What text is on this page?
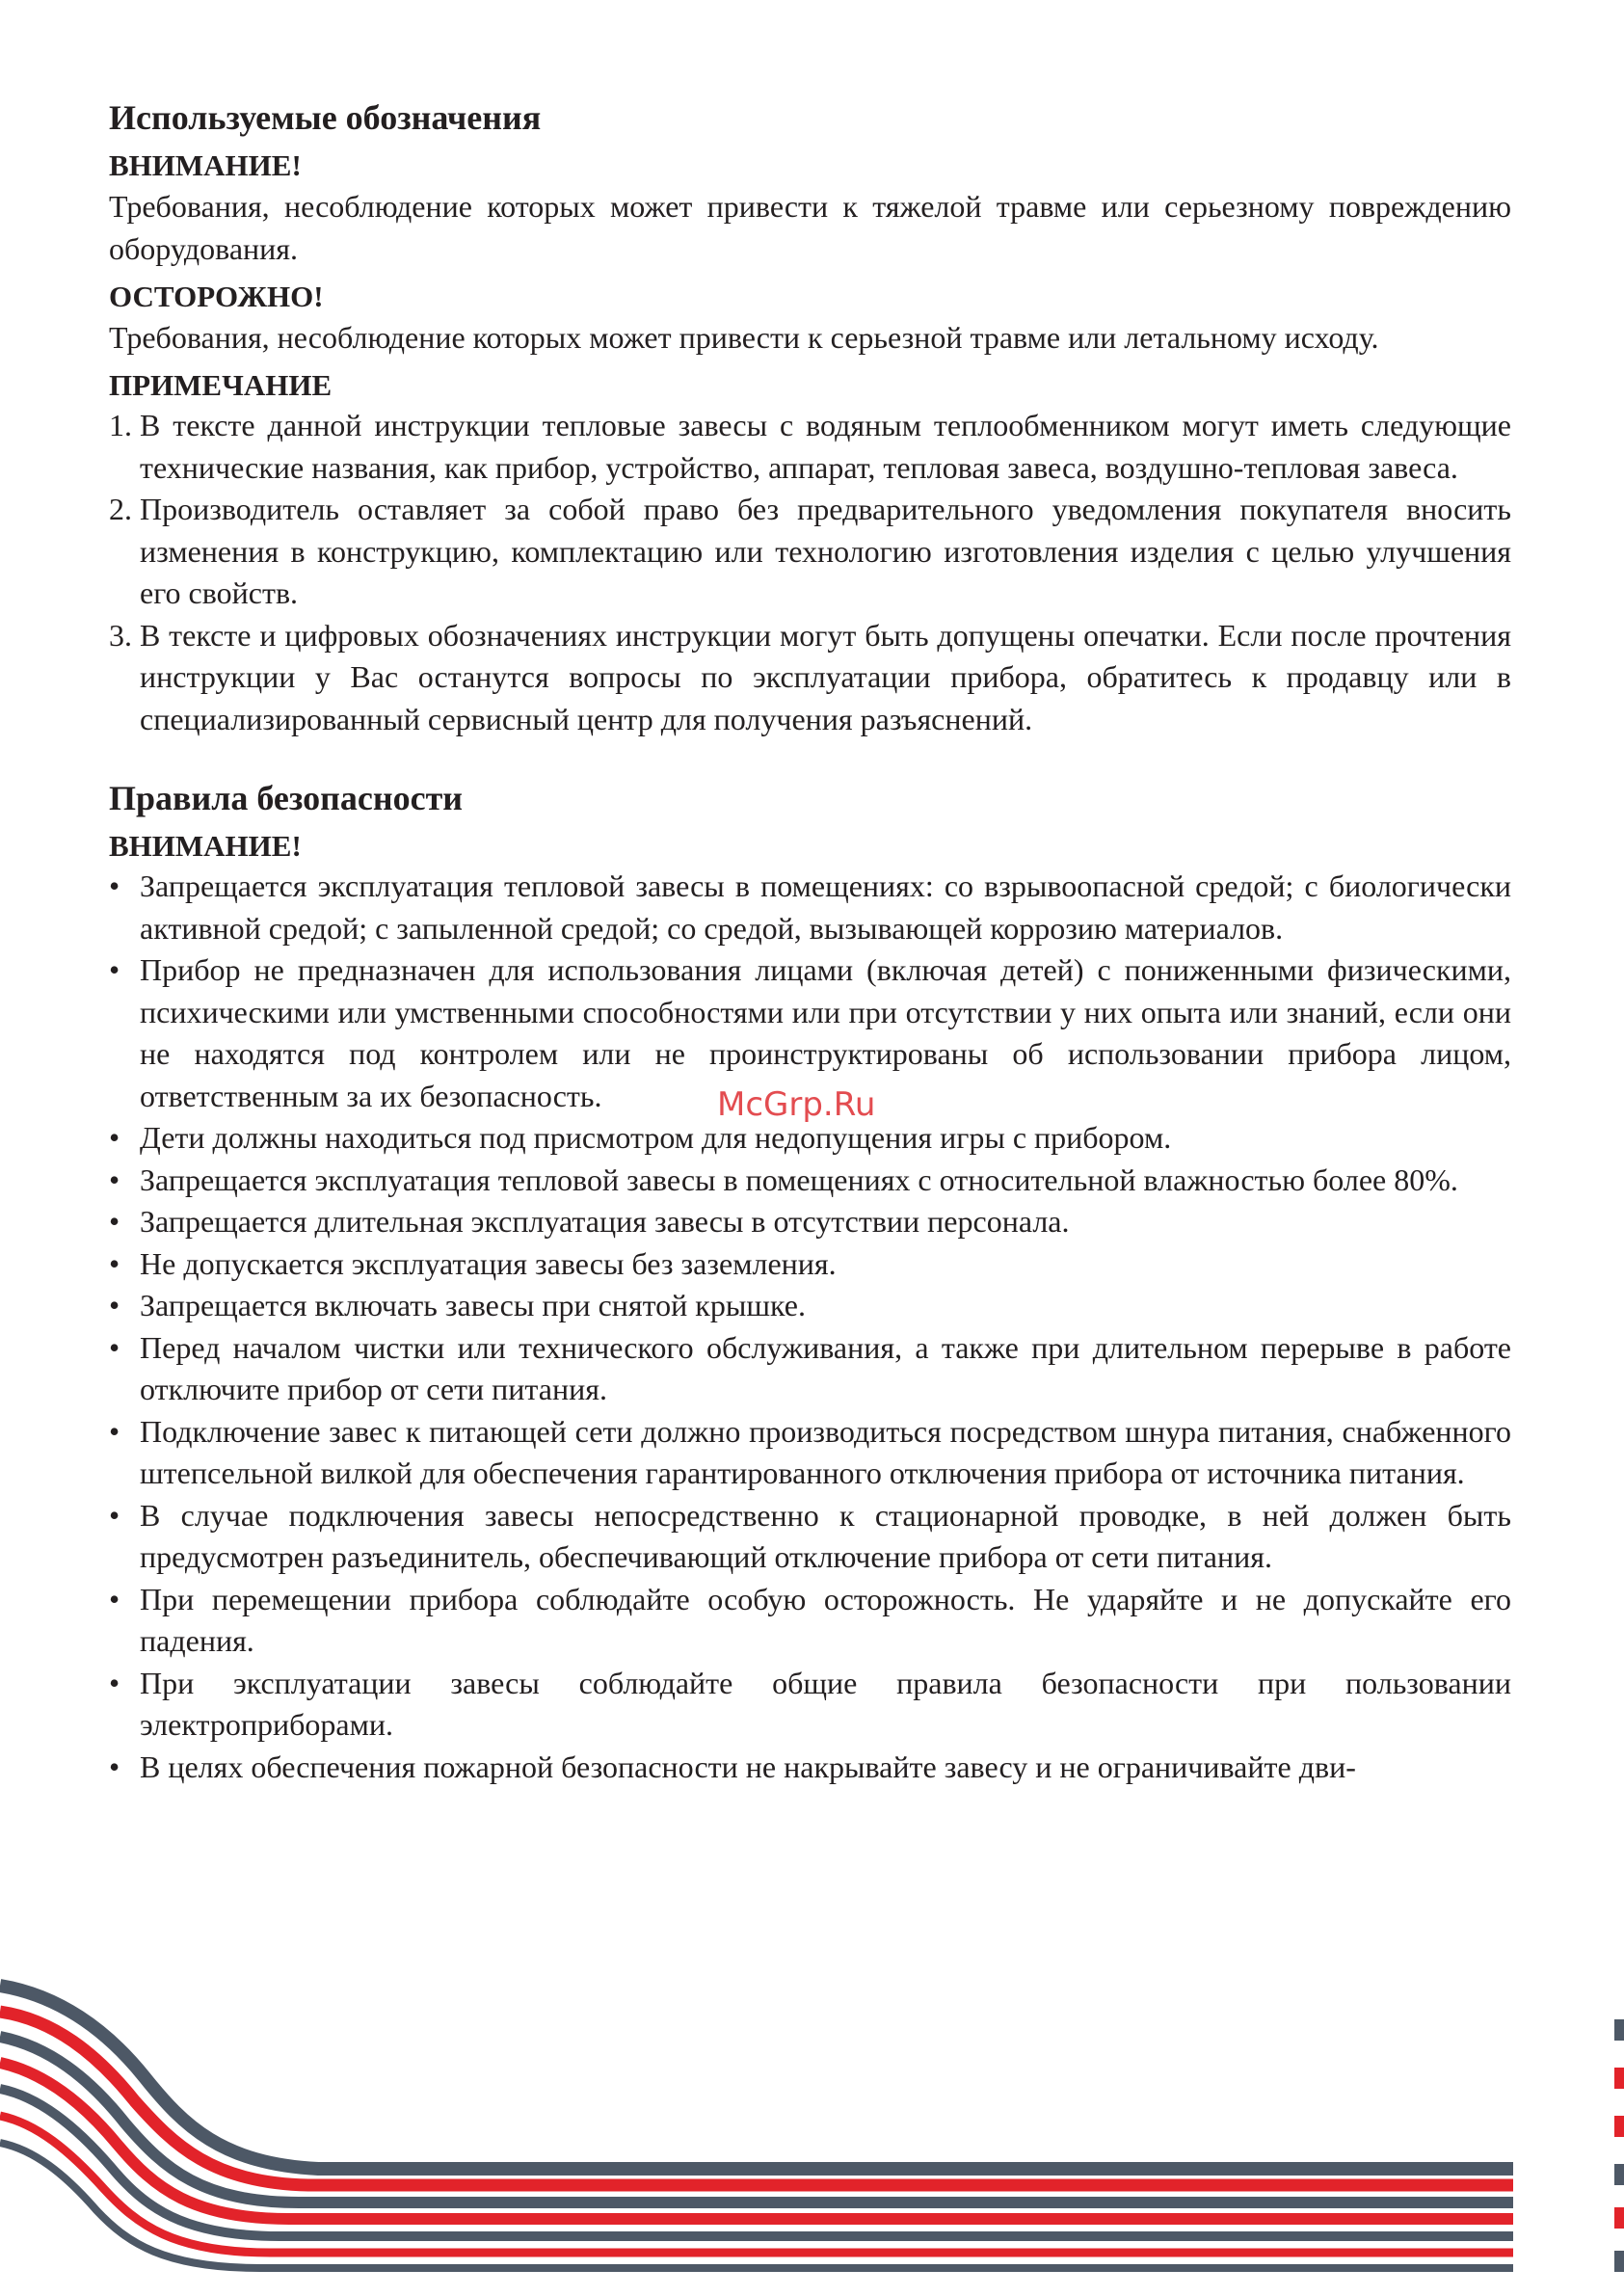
Используемые обозначения
ВНИМАНИЕ!

Требования, несоблюдение которых может привести к тяжелой травме или серьезному повреждению оборудования.

ОСТОРОЖНО!

Требования, несоблюдение которых может привести к серьезной травме или летальному исходу.

ПРИМЕЧАНИЕ
1. В тексте данной инструкции тепловые завесы с водяным теплообменником могут иметь следующие технические названия, как прибор, устройство, аппарат, тепловая завеса, воздушно-тепловая завеса.
2. Производитель оставляет за собой право без предварительного уведомления покупателя вносить изменения в конструкцию, комплектацию или технологию изготовления изделия с целью улучшения его свойств.
3. В тексте и цифровых обозначениях инструкции могут быть допущены опечатки. Если после прочтения инструкции у Вас останутся вопросы по эксплуатации прибора, обратитесь к продавцу или в специализированный сервисный центр для получения разъяснений.
Правила безопасности
ВНИМАНИЕ!
• Запрещается эксплуатация тепловой завесы в помещениях: со взрывоопасной средой; с биологически активной средой; с запыленной средой; со средой, вызывающей коррозию материалов.
• Прибор не предназначен для использования лицами (включая детей) с пониженными физическими, психическими или умственными способностями или при отсутствии у них опыта или знаний, если они не находятся под контролем или не проинструктированы об использовании прибора лицом, ответственным за их безопасность.
• Дети должны находиться под присмотром для недопущения игры с прибором.
• Запрещается эксплуатация тепловой завесы в помещениях с относительной влажностью более 80%.
• Запрещается длительная эксплуатация завесы в отсутствии персонала.
• Не допускается эксплуатация завесы без заземления.
• Запрещается включать завесы при снятой крышке.
• Перед началом чистки или технического обслуживания, а также при длительном перерыве в работе отключите прибор от сети питания.
• Подключение завес к питающей сети должно производиться посредством шнура питания, снабженного штепсельной вилкой для обеспечения гарантированного отключения прибора от источника питания.
• В случае подключения завесы непосредственно к стационарной проводке, в ней должен быть предусмотрен разъединитель, обеспечивающий отключение прибора от сети питания.
• При перемещении прибора соблюдайте особую осторожность. Не ударяйте и не допускайте его падения.
• При эксплуатации завесы соблюдайте общие правила безопасности при пользовании электроприборами.
• В целях обеспечения пожарной безопасности не накрывайте завесу и не ограничивайте дви-
McGrp.Ru
